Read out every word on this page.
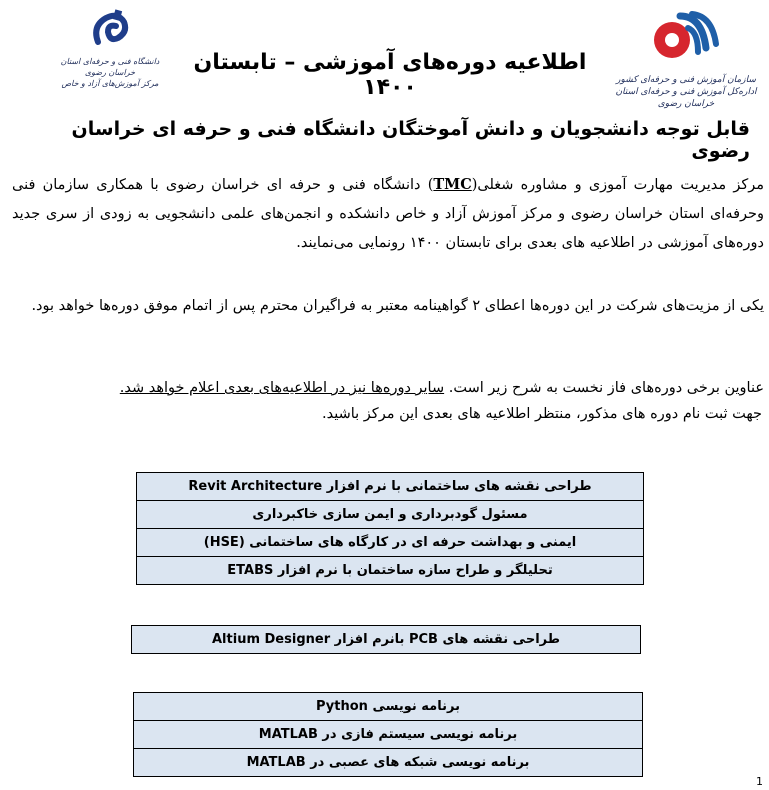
سازمان آموزش فنی و حرفه‌ای کشور
اداره‌کل آموزش فنی و حرفه‌ای استان خراسان رضوی
دانشگاه فنی و حرفه‌ای استان خراسان رضوی
مرکز آموزش‌های آزاد و خاص
اطلاعیه دوره‌های آموزشی – تابستان ۱۴۰۰
قابل توجه دانشجویان و دانش آموختگان دانشگاه فنی و حرفه ای خراسان رضوی
مرکز مدیریت مهارت آموزی و مشاوره شغلی(TMC) دانشگاه فنی و حرفه ای خراسان رضوی با همکاری سازمان فنی وحرفه‌ای استان خراسان رضوی و مرکز آموزش آزاد و خاص دانشکده و انجمن‌های علمی دانشجویی به زودی از سری جدید دوره‌های آموزشی در اطلاعیه های بعدی برای تابستان ۱۴۰۰ رونمایی می‌نمایند.
یکی از مزیت‌های شرکت در این دوره‌ها اعطای ۲ گواهینامه معتبر به فراگیران محترم پس از اتمام موفق دوره‌ها خواهد بود.
عناوین برخی دوره‌های فاز نخست به شرح زیر است. سایر دوره‌ها نیز در اطلاعیه‌های بعدی اعلام خواهد شد.
جهت ثبت نام دوره های مذکور، منتظر اطلاعیه های بعدی این مرکز باشید.
طراحی نقشه های ساختمانی با نرم افزار Revit Architecture
مسئول گودبرداری و ایمن سازی خاکبرداری
ایمنی و بهداشت حرفه ای در کارگاه های ساختمانی (HSE)
تحلیلگر و طراح سازه ساختمان با نرم افزار ETABS
طراحی نقشه های PCB بانرم افزار Altium Designer
برنامه نویسی Python
برنامه نویسی سیستم فازی در MATLAB
برنامه نویسی شبکه های عصبی در MATLAB
1
